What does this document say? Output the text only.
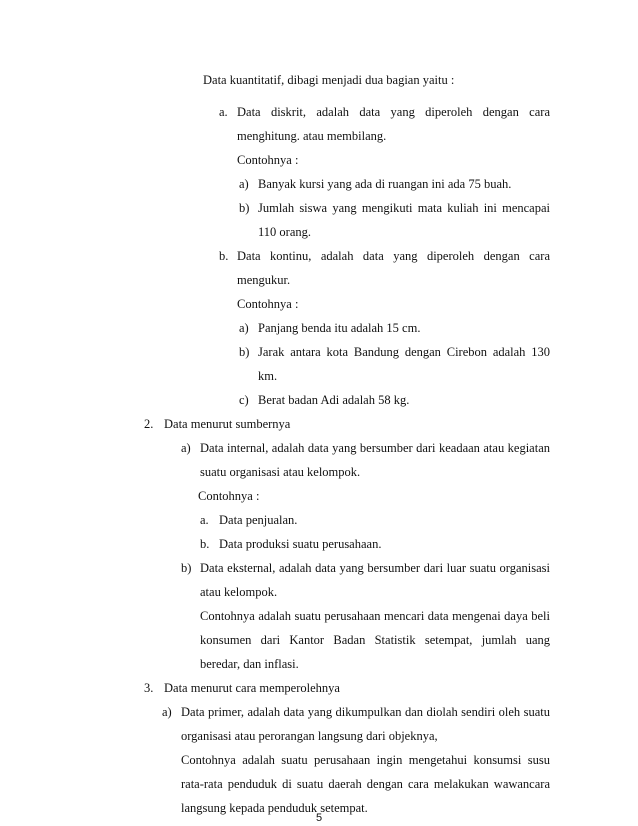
Data kuantitatif, dibagi menjadi dua bagian yaitu :
a. Data diskrit, adalah data yang diperoleh dengan cara
menghitung. atau membilang.
Contohnya :
a) Banyak kursi yang ada di ruangan ini ada 75 buah.
b) Jumlah siswa yang mengikuti mata kuliah ini mencapai
110 orang.
b. Data kontinu, adalah data yang diperoleh dengan cara
mengukur.
Contohnya :
a) Panjang benda itu adalah 15 cm.
b) Jarak antara kota Bandung dengan Cirebon adalah 130
km.
c) Berat badan Adi adalah 58 kg.
2. Data menurut sumbernya
a) Data internal, adalah data yang bersumber dari keadaan atau kegiatan
suatu organisasi atau kelompok.
Contohnya :
a. Data penjualan.
b. Data produksi suatu perusahaan.
b) Data eksternal, adalah data yang bersumber dari luar suatu organisasi
atau kelompok.
Contohnya adalah suatu perusahaan mencari data mengenai daya beli
konsumen dari Kantor Badan Statistik setempat, jumlah uang
beredar, dan inflasi.
3. Data menurut cara memperolehnya
a) Data primer, adalah data yang dikumpulkan dan diolah sendiri oleh suatu
organisasi atau perorangan langsung dari objeknya,
Contohnya adalah suatu perusahaan ingin mengetahui konsumsi susu
rata-rata penduduk di suatu daerah dengan cara melakukan wawancara
langsung kepada penduduk setempat.
5
